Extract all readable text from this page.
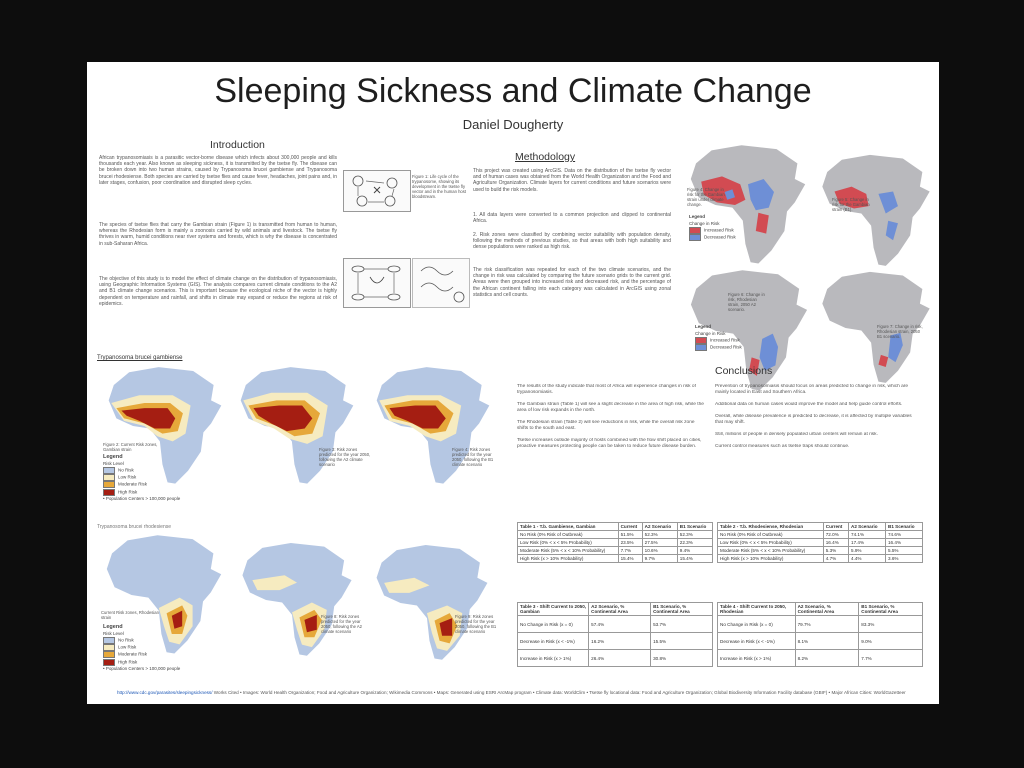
Sleeping Sickness and Climate Change
Daniel Dougherty
Introduction
African trypanosomiasis is a parasitic vector-borne disease which infects about 300,000 people and kills thousands each year. Also known as sleeping sickness, it is transmitted by the tsetse fly. The disease can be broken down into two human strains, caused by Trypanosoma brucei gambiense and Trypanosoma brucei rhodesiense. Both species are carried by tsetse flies and cause fever, headaches, joint pains and, in later stages, confusion, poor coordination and disrupted sleep cycles.
The species of tsetse flies that carry the Gambian strain (Figure 1) is transmitted from human to human, whereas the Rhodesian form is mainly a zoonosis carried by wild animals and livestock. The tsetse fly thrives in warm, humid conditions near river systems and forests, which is why the disease is concentrated in sub-Saharan Africa.
The objective of this study is to model the effect of climate change on the distribution of trypanosomiasis, using Geographic Information Systems (GIS). The analysis compares current climate conditions to the A2 and B1 climate change scenarios. This is important because the ecological niche of the vector is highly dependent on temperature and rainfall, and shifts in climate may expand or reduce the regions at risk of epidemics.
Figure 1: Life cycle of the trypanosome, showing its development in the tsetse fly vector and in the human host bloodstream.
Methodology
This project was created using ArcGIS. Data on the distribution of the tsetse fly vector and of human cases was obtained from the World Health Organization and the Food and Agriculture Organization. Climate layers for current conditions and future scenarios were used to build the risk models.
1. All data layers were converted to a common projection and clipped to continental Africa.
2. Risk zones were classified by combining vector suitability with population density, following the methods of previous studies, so that areas with both high suitability and dense populations were ranked as high risk.
The risk classification was repeated for each of the two climate scenarios, and the change in risk was calculated by comparing the future scenario grids to the current grid. Areas were then grouped into increased risk and decreased risk, and the percentage of the African continent falling into each category was calculated in ArcGIS using zonal statistics and cell counts.
Figure 4: Change in risk for the Gambian strain under climate change.
Figure 5: Change in risk for the Gambian strain (B1).
Legend
Change in Risk
Increased Risk
Decreased Risk
Figure 6: Change in risk, Rhodesian strain, 2050 A2 scenario.
Figure 7: Change in risk, Rhodesian strain, 2050 B1 scenario.
Legend
Change in Risk
Increased Risk
Decreased Risk
Trypanosoma brucei gambiense
Figure 2: Current Risk zones, Gambian strain	Figure 3: Risk zones predicted for the year 2050, following the A2 climate scenario
Figure 4: Risk zones predicted for the year 2050, following the B1 climate scenario
Legend
Risk Level
No Risk
Low Risk
Moderate Risk
High Risk
• Population Centers > 100,000 people
Trypanosoma brucei rhodesiense
Current Risk zones, Rhodesian strain	Figure 8: Risk zones predicted for the year 2050, following the A2 climate scenario
Figure 9: Risk zones predicted for the year 2050, following the B1 climate scenario
Legend
Risk Level
No Risk
Low Risk
Moderate Risk
High Risk
• Population Centers > 100,000 people
Conclusions
The results of the study indicate that most of Africa will experience changes in risk of trypanosomiasis.
The Gambian strain (Table 1) will see a slight decrease in the area of high risk, while the area of low risk expands in the north.
The Rhodesian strain (Table 2) will see reductions in risk, while the overall risk zone shifts to the south and east.
Tsetse increases outside majority of hosts combined with the flow shift placed on cities, proactive measures protecting people can be taken to reduce future disease burden.
Prevention of trypanosomiasis should focus on areas predicted to change in risk, which are mainly located in East and Southern Africa.
Additional data on human cases would improve the model and help guide control efforts.
Overall, while disease prevalence is predicted to decrease, it is affected by multiple variables that may shift.
Still, millions of people in densely populated urban centers will remain at risk.
Current control measures such as tsetse traps should continue.
Table 1 - T.b. Gambiense, Gambian	Current	A2 Scenario	B1 Scenario
No Risk (0% Risk of Outbreak)	51.5%	52.3%	52.3%
Low Risk (0% < x < 5% Probability)	23.5%	27.5%	22.3%
Moderate Risk (5% < x < 10% Probability)	7.7%	10.6%	9.4%
High Risk (x > 10% Probability)	15.4%	9.7%	15.4%
Table 2 - T.b. Rhodesiense, Rhodesian	Current	A2 Scenario	B1 Scenario
No Risk (0% Risk of Outbreak)	72.0%	74.1%	74.6%
Low Risk (0% < x < 5% Probability)	16.4%	17.4%	16.4%
Moderate Risk (5% < x < 10% Probability)	5.3%	5.9%	5.5%
High Risk (x > 10% Probability)	4.7%	4.4%	3.6%
Table 3 - Shift Current to 2050, Gambian	A2 Scenario, % Continental Area	B1 Scenario, % Continental Area
No Change in Risk (x = 0)	57.4%	53.7%
Decrease in Risk (x < -1%)	16.2%	15.5%
Increase in Risk (x > 1%)	26.4%	30.8%
Table 4 - Shift Current to 2050, Rhodesian	A2 Scenario, % Continental Area	B1 Scenario, % Continental Area
No Change in Risk (x = 0)	79.7%	83.3%
Decrease in Risk (x < -1%)	8.1%	9.0%
Increase in Risk (x > 1%)	8.2%	7.7%
http://www.cdc.gov/parasites/sleepingsickness/ Works Cited • Images: World Health Organization; Food and Agriculture Organization; Wikimedia Commons • Maps: Generated using ESRI ArcMap program • Climate data: WorldClim • Tsetse fly locational data: Food and Agriculture Organization; Global Biodiversity Information Facility database (GBIF) • Major African Cities: WorldGazetteer
